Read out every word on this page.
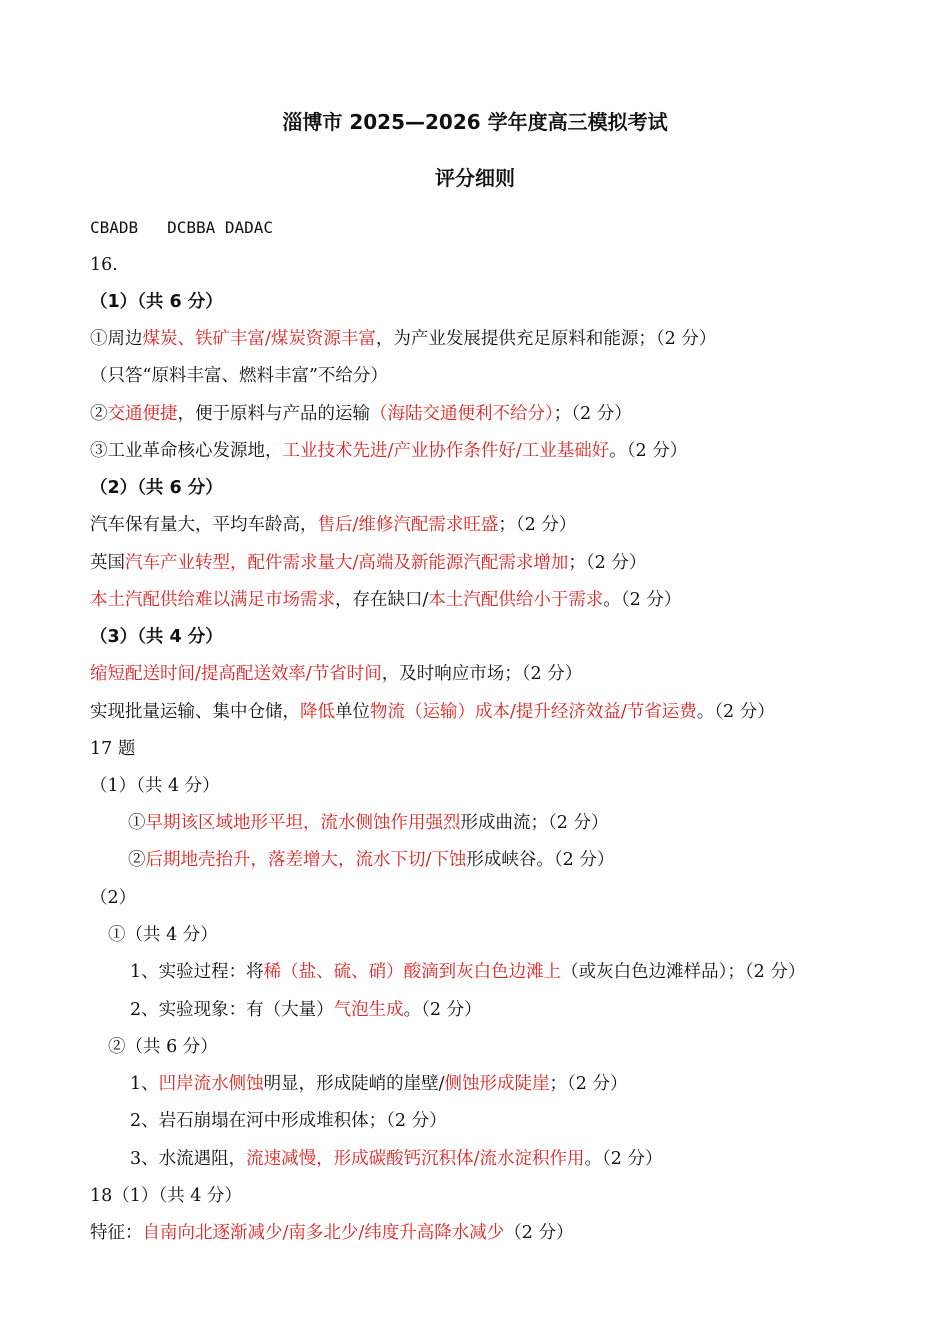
淄博市 2025—2026 学年度高三模拟考试
评分细则
CBADB   DCBBA DADAC
16.
（1）（共 6 分）
①周边煤炭、铁矿丰富/煤炭资源丰富，为产业发展提供充足原料和能源；（2 分）
（只答“原料丰富、燃料丰富”不给分）
②交通便捷，便于原料与产品的运输（海陆交通便利不给分）；（2 分）
③工业革命核心发源地，工业技术先进/产业协作条件好/工业基础好。（2 分）
（2）（共 6 分）
汽车保有量大，平均车龄高，售后/维修汽配需求旺盛；（2 分）
英国汽车产业转型，配件需求量大/高端及新能源汽配需求增加；（2 分）
本土汽配供给难以满足市场需求，存在缺口/本土汽配供给小于需求。（2 分）
（3）（共 4 分）
缩短配送时间/提高配送效率/节省时间，及时响应市场；（2 分）
实现批量运输、集中仓储，降低单位物流（运输）成本/提升经济效益/节省运费。（2 分）
17 题
（1）（共 4 分）
①早期该区域地形平坦，流水侧蚀作用强烈形成曲流；（2 分）
②后期地壳抬升，落差增大，流水下切/下蚀形成峡谷。（2 分）
（2）
①（共 4 分）
1、实验过程：将稀（盐、硫、硝）酸滴到灰白色边滩上（或灰白色边滩样品）；（2 分）
2、实验现象：有（大量）气泡生成。（2 分）
②（共 6 分）
1、凹岸流水侧蚀明显，形成陡峭的崖壁/侧蚀形成陡崖；（2 分）
2、岩石崩塌在河中形成堆积体；（2 分）
3、水流遇阻，流速减慢，形成碳酸钙沉积体/流水淀积作用。（2 分）
18（1）（共 4 分）
特征：自南向北逐渐减少/南多北少/纬度升高降水减少（2 分）
